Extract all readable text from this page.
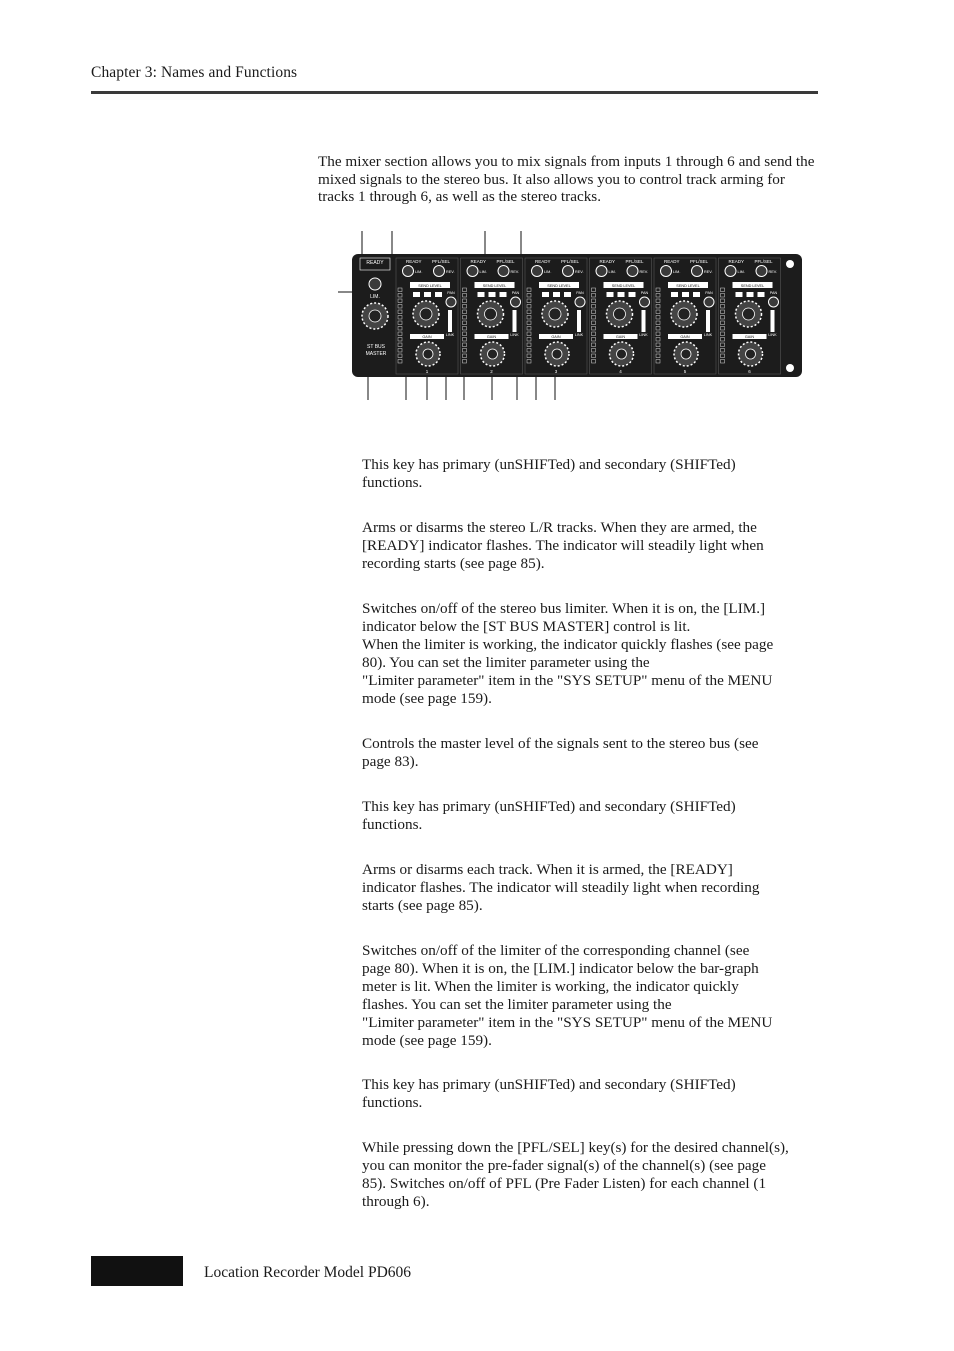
Chapter 3: Names and Functions
The mixer section allows you to mix signals from inputs 1 through 6 and send the mixed signals to the stereo bus. It also allows you to control track arming for tracks 1 through 6, as well as the stereo tracks.
READY
LIM.
ST BUS
MASTER
READY PFL/SEL
LIM.	REV.
SEND LEVEL
PAN
LINK
GAIN
1
READY PFL/SEL
LIM.	REV.
SEND LEVEL
PAN
LINK
GAIN
2
READY PFL/SEL
LIM.	REV.
SEND LEVEL
PAN
LINK
GAIN
3
READY PFL/SEL
LIM.	REV.
SEND LEVEL
PAN
LINK
GAIN
4
READY PFL/SEL
LIM.	REV.
SEND LEVEL
PAN
LINK
GAIN
5
READY PFL/SEL
LIM.	REV.
SEND LEVEL
PAN
LINK
GAIN
6
This key has primary (unSHIFTed) and secondary (SHIFTed)
functions.
Arms or disarms the stereo L/R tracks. When they are armed, the
[READY] indicator flashes. The indicator will steadily light when
recording starts (see page 85).
Switches on/off of the stereo bus limiter. When it is on, the [LIM.]
indicator below the [ST BUS MASTER] control is lit.
When the limiter is working, the indicator quickly flashes (see page
80). You can set the limiter parameter using the
"Limiter parameter" item in the "SYS SETUP" menu of the MENU
mode (see page 159).
Controls the master level of the signals sent to the stereo bus (see
page 83).
This key has primary (unSHIFTed) and secondary (SHIFTed)
functions.
Arms or disarms each track. When it is armed, the [READY]
indicator flashes. The indicator will steadily light when recording
starts (see page 85).
Switches on/off of the limiter of the corresponding channel (see
page 80). When it is on, the [LIM.] indicator below the bar-graph
meter is lit. When the limiter is working, the indicator quickly
flashes. You can set the limiter parameter using the
"Limiter parameter" item in the "SYS SETUP" menu of the MENU
mode (see page 159).
This key has primary (unSHIFTed) and secondary (SHIFTed)
functions.
While pressing down the [PFL/SEL] key(s) for the desired channel(s),
you can monitor the pre-fader signal(s) of the channel(s) (see page
85). Switches on/off of PFL (Pre Fader Listen) for each channel (1
through 6).
Location Recorder Model PD606
